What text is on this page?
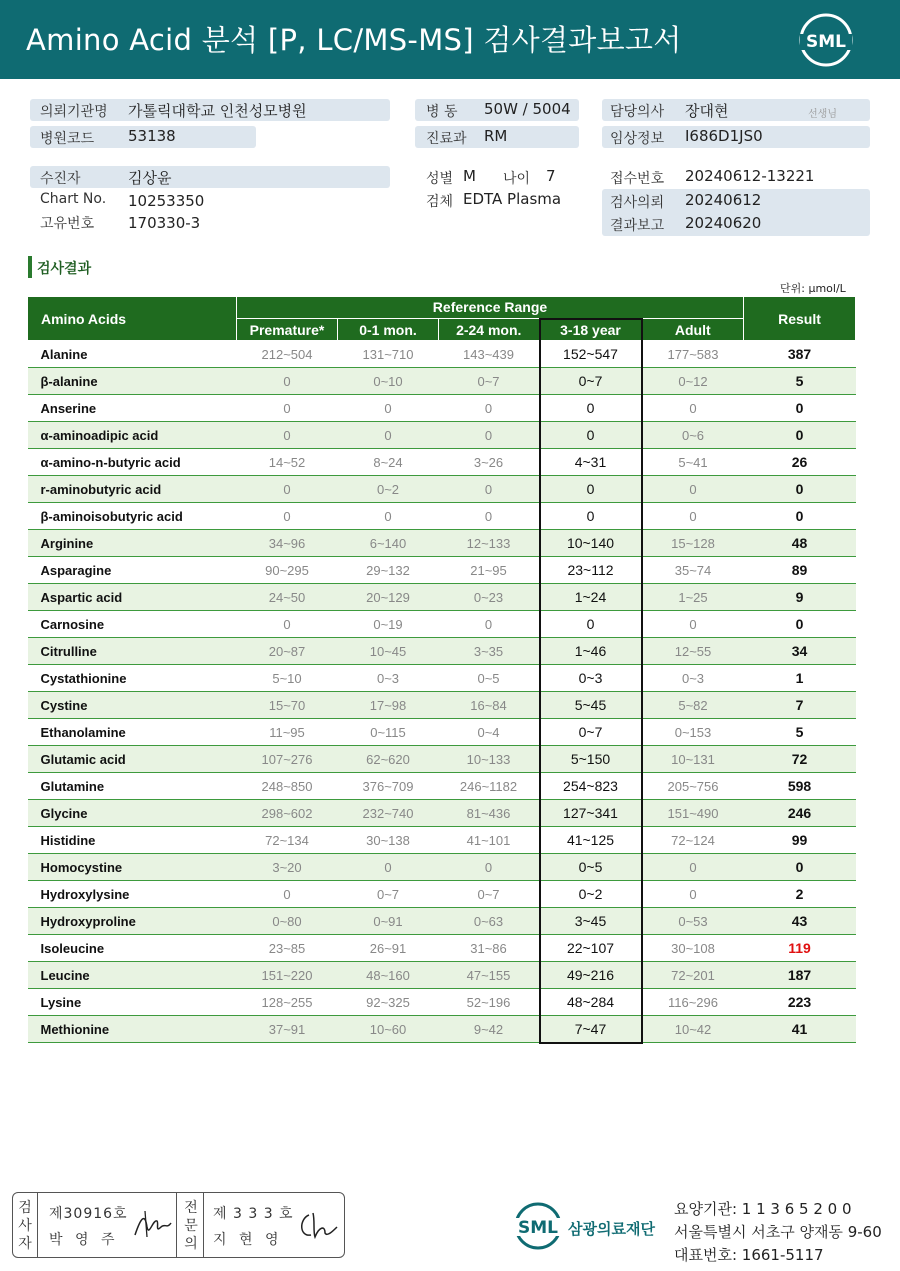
Amino Acid 분석 [P, LC/MS-MS] 검사결과보고서	SML
의뢰기관명 가톨릭대학교 인천성모병원
병원코드 53138
병 동 50W / 5004
진료과 RM
담당의사 장대현	선생님
임상정보 I686D1JS0
수진자	김상윤
Chart No. 10253350
고유번호 170330-3
성별 M 나이 7
검체 EDTA Plasma
접수번호 20240612-13221
검사의뢰 20240612
결과보고 20240620
검사결과
단위: μmol/L
Amino Acids	Reference Range					Result
	Premature*	0-1 mon.	2-24 mon.	3-18 year	Adult	
Alanine	212~504	131~710	143~439	152~547	177~583	387
β-alanine	0	0~10	0~7	0~7	0~12	5
Anserine	0	0	0	0	0	0
α-aminoadipic acid	0	0	0	0	0~6	0
α-amino-n-butyric acid	14~52	8~24	3~26	4~31	5~41	26
r-aminobutyric acid	0	0~2	0	0	0	0
β-aminoisobutyric acid	0	0	0	0	0	0
Arginine	34~96	6~140	12~133	10~140	15~128	48
Asparagine	90~295	29~132	21~95	23~112	35~74	89
Aspartic acid	24~50	20~129	0~23	1~24	1~25	9
Carnosine	0	0~19	0	0	0	0
Citrulline	20~87	10~45	3~35	1~46	12~55	34
Cystathionine	5~10	0~3	0~5	0~3	0~3	1
Cystine	15~70	17~98	16~84	5~45	5~82	7
Ethanolamine	11~95	0~115	0~4	0~7	0~153	5
Glutamic acid	107~276	62~620	10~133	5~150	10~131	72
Glutamine	248~850	376~709	246~1182	254~823	205~756	598
Glycine	298~602	232~740	81~436	127~341	151~490	246
Histidine	72~134	30~138	41~101	41~125	72~124	99
Homocystine	3~20	0	0	0~5	0	0
Hydroxylysine	0	0~7	0~7	0~2	0	2
Hydroxyproline	0~80	0~91	0~63	3~45	0~53	43
Isoleucine	23~85	26~91	31~86	22~107	30~108	119
Leucine	151~220	48~160	47~155	49~216	72~201	187
Lysine	128~255	92~325	52~196	48~284	116~296	223
Methionine	37~91	10~60	9~42	7~47	10~42	41
검사자
제30916호
박 영 주
전문의
제 3 3 3 호
지 현 영
SML 삼광의료재단
요양기관: 1 1 3 6 5 2 0 0
서울특별시 서초구 양재동 9-60
대표번호: 1661-5117
